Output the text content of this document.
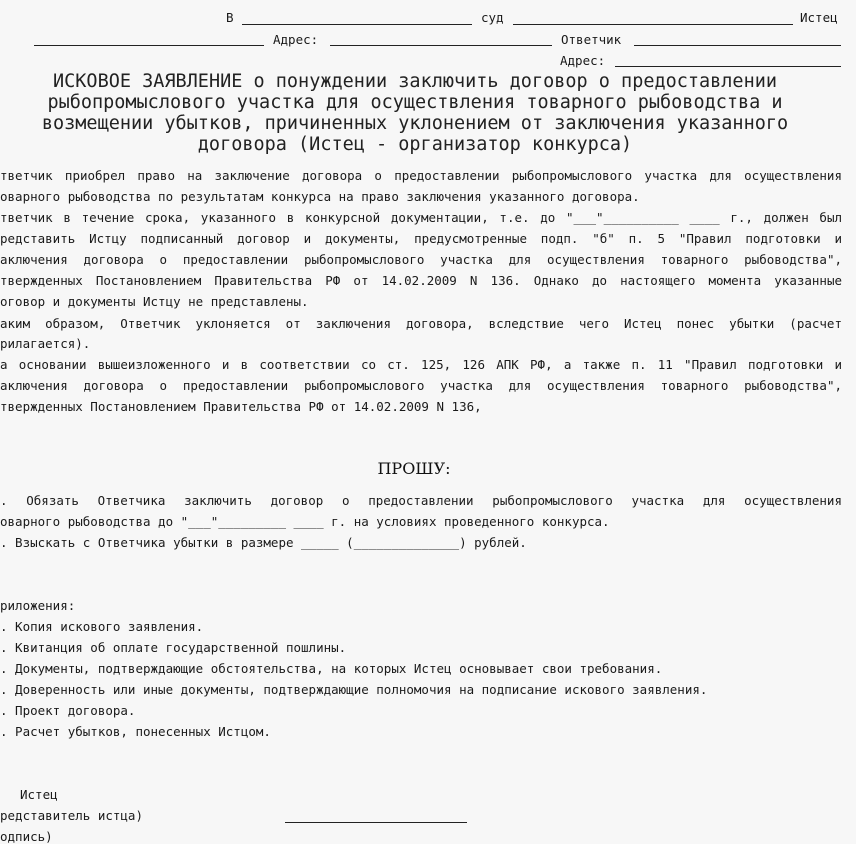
В	суд	Истец
Адрес:	Ответчик
Адрес:
ИСКОВОЕ ЗАЯВЛЕНИЕ о понуждении заключить договор о предоставлении рыбопромыслового участка для осуществления товарного рыбоводства и возмещении убытков, причиненных уклонением от заключения указанного договора (Истец - организатор конкурса)
тветчик приобрел право на заключение договора о предоставлении рыбопромыслового участка для осуществления
оварного рыбоводства по результатам конкурса на право заключения указанного договора.
тветчик в течение срока, указанного в конкурсной документации, т.е. до "___"__________ ____ г., должен был
редставить Истцу подписанный договор и документы, предусмотренные подп. "б" п. 5 "Правил подготовки и
аключения договора о предоставлении рыбопромыслового участка для осуществления товарного рыбоводства",
твержденных Постановлением Правительства РФ от 14.02.2009 N 136. Однако до настоящего момента указанные
оговор и документы Истцу не представлены.
аким образом, Ответчик уклоняется от заключения договора, вследствие чего Истец понес убытки (расчет
рилагается).
а основании вышеизложенного и в соответствии со ст. 125, 126 АПК РФ, а также п. 11 "Правил подготовки и
аключения договора о предоставлении рыбопромыслового участка для осуществления товарного рыбоводства",
твержденных Постановлением Правительства РФ от 14.02.2009 N 136,
ПРОШУ:
. Обязать Ответчика заключить договор о предоставлении рыбопромыслового участка для осуществления
оварного рыбоводства до "___"_________ ____ г. на условиях проведенного конкурса.
. Взыскать с Ответчика убытки в размере _____ (______________) рублей.
риложения:
. Копия искового заявления.
. Квитанция об оплате государственной пошлины.
. Документы, подтверждающие обстоятельства, на которых Истец основывает свои требования.
. Доверенность или иные документы, подтверждающие полномочия на подписание искового заявления.
. Проект договора.
. Расчет убытков, понесенных Истцом.
Истец
редставитель истца)
одпись)
